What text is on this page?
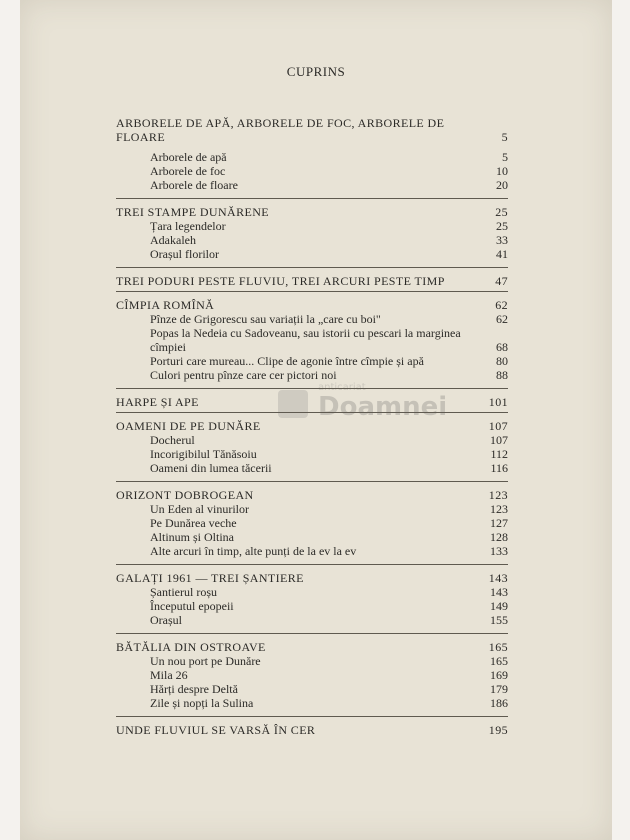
CUPRINS
anticariat
Doamnei
ARBORELE DE APĂ, ARBORELE DE FOC, ARBORELE DE FLOARE	5
Arborele de apă	5
Arborele de foc	10
Arborele de floare	20
TREI STAMPE DUNĂRENE	25
Țara legendelor	25
Adakaleh	33
Orașul florilor	41
TREI PODURI PESTE FLUVIU, TREI ARCURI PESTE TIMP	47
CÎMPIA ROMÎNĂ	62
Pînze de Grigorescu sau variații la „care cu boi"	62
Popas la Nedeia cu Sadoveanu, sau istorii cu pescari la marginea cîmpiei	68
Porturi care mureau... Clipe de agonie între cîmpie și apă	80
Culori pentru pînze care cer pictori noi	88
HARPE ȘI APE	101
OAMENI DE PE DUNĂRE	107
Docherul	107
Incorigibilul Tănăsoiu	112
Oameni din lumea tăcerii	116
ORIZONT DOBROGEAN	123
Un Eden al vinurilor	123
Pe Dunărea veche	127
Altinum și Oltina	128
Alte arcuri în timp, alte punți de la ev la ev	133
GALAȚI 1961 — TREI ȘANTIERE	143
Șantierul roșu	143
Începutul epopeii	149
Orașul	155
BĂTĂLIA DIN OSTROAVE	165
Un nou port pe Dunăre	165
Mila 26	169
Hărți despre Deltă	179
Zile și nopți la Sulina	186
UNDE FLUVIUL SE VARSĂ ÎN CER	195
